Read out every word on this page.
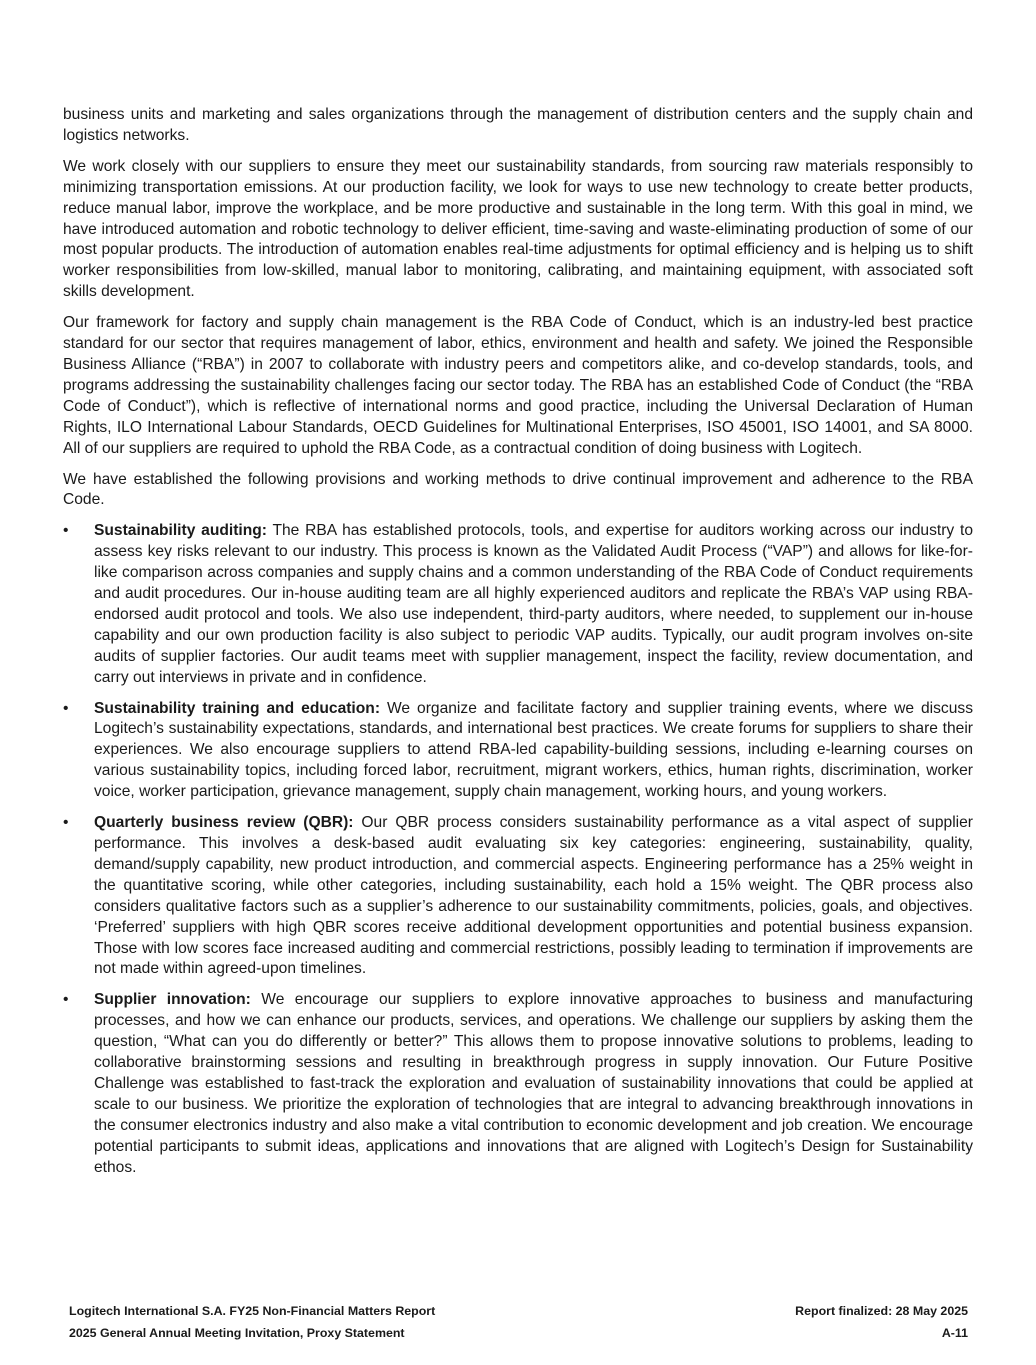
business units and marketing and sales organizations through the management of distribution centers and the supply chain and logistics networks.

We work closely with our suppliers to ensure they meet our sustainability standards, from sourcing raw materials responsibly to minimizing transportation emissions. At our production facility, we look for ways to use new technology to create better products, reduce manual labor, improve the workplace, and be more productive and sustainable in the long term. With this goal in mind, we have introduced automation and robotic technology to deliver efficient, time-saving and waste-eliminating production of some of our most popular products. The introduction of automation enables real-time adjustments for optimal efficiency and is helping us to shift worker responsibilities from low-skilled, manual labor to monitoring, calibrating, and maintaining equipment, with associated soft skills development.

Our framework for factory and supply chain management is the RBA Code of Conduct, which is an industry-led best practice standard for our sector that requires management of labor, ethics, environment and health and safety. We joined the Responsible Business Alliance (“RBA”) in 2007 to collaborate with industry peers and competitors alike, and co-develop standards, tools, and programs addressing the sustainability challenges facing our sector today. The RBA has an established Code of Conduct (the “RBA Code of Conduct”), which is reflective of international norms and good practice, including the Universal Declaration of Human Rights, ILO International Labour Standards, OECD Guidelines for Multinational Enterprises, ISO 45001, ISO 14001, and SA 8000. All of our suppliers are required to uphold the RBA Code, as a contractual condition of doing business with Logitech.

We have established the following provisions and working methods to drive continual improvement and adherence to the RBA Code.

• Sustainability auditing: The RBA has established protocols, tools, and expertise for auditors working across our industry to assess key risks relevant to our industry. This process is known as the Validated Audit Process (“VAP”) and allows for like-for-like comparison across companies and supply chains and a common understanding of the RBA Code of Conduct requirements and audit procedures. Our in-house auditing team are all highly experienced auditors and replicate the RBA’s VAP using RBA-endorsed audit protocol and tools. We also use independent, third-party auditors, where needed, to supplement our in-house capability and our own production facility is also subject to periodic VAP audits. Typically, our audit program involves on-site audits of supplier factories. Our audit teams meet with supplier management, inspect the facility, review documentation, and carry out interviews in private and in confidence.
• Sustainability training and education: We organize and facilitate factory and supplier training events, where we discuss Logitech’s sustainability expectations, standards, and international best practices. We create forums for suppliers to share their experiences. We also encourage suppliers to attend RBA-led capability-building sessions, including e-learning courses on various sustainability topics, including forced labor, recruitment, migrant workers, ethics, human rights, discrimination, worker voice, worker participation, grievance management, supply chain management, working hours, and young workers.
• Quarterly business review (QBR): Our QBR process considers sustainability performance as a vital aspect of supplier performance. This involves a desk-based audit evaluating six key categories: engineering, sustainability, quality, demand/supply capability, new product introduction, and commercial aspects. Engineering performance has a 25% weight in the quantitative scoring, while other categories, including sustainability, each hold a 15% weight. The QBR process also considers qualitative factors such as a supplier’s adherence to our sustainability commitments, policies, goals, and objectives. ‘Preferred’ suppliers with high QBR scores receive additional development opportunities and potential business expansion. Those with low scores face increased auditing and commercial restrictions, possibly leading to termination if improvements are not made within agreed-upon timelines.
• Supplier innovation: We encourage our suppliers to explore innovative approaches to business and manufacturing processes, and how we can enhance our products, services, and operations. We challenge our suppliers by asking them the question, “What can you do differently or better?” This allows them to propose innovative solutions to problems, leading to collaborative brainstorming sessions and resulting in breakthrough progress in supply innovation. Our Future Positive Challenge was established to fast-track the exploration and evaluation of sustainability innovations that could be applied at scale to our business. We prioritize the exploration of technologies that are integral to advancing breakthrough innovations in the consumer electronics industry and also make a vital contribution to economic development and job creation. We encourage potential participants to submit ideas, applications and innovations that are aligned with Logitech’s Design for Sustainability ethos.
Logitech International S.A. FY25 Non-Financial Matters Report	Report finalized: 28 May 2025
2025 General Annual Meeting Invitation, Proxy Statement	A-11
